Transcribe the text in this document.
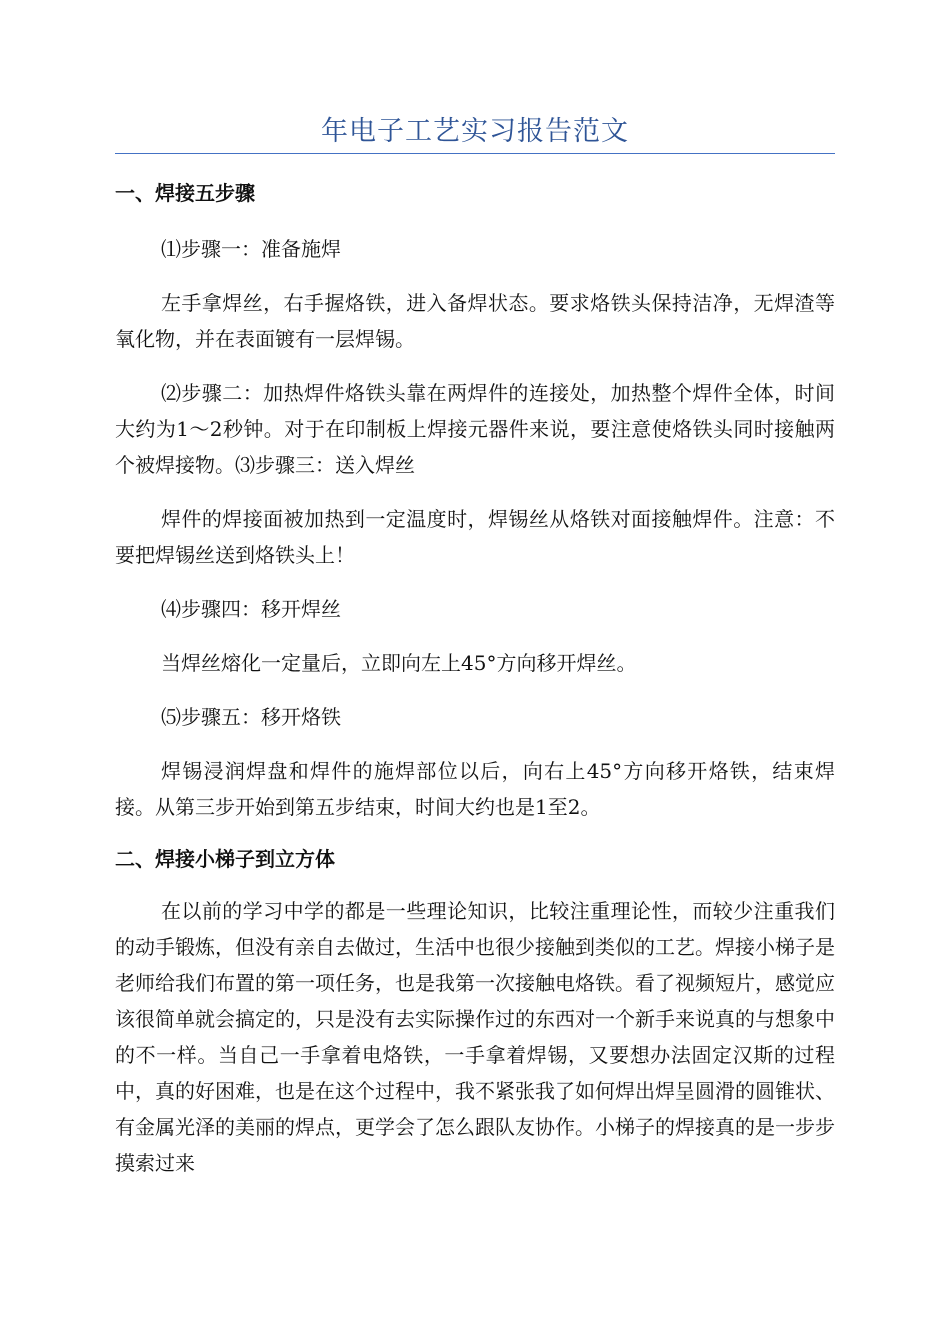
年电子工艺实习报告范文
一、焊接五步骤

⑴步骤一：准备施焊

左手拿焊丝，右手握烙铁，进入备焊状态。要求烙铁头保持洁净，无焊渣等氧化物，并在表面镀有一层焊锡。

⑵步骤二：加热焊件烙铁头靠在两焊件的连接处，加热整个焊件全体，时间大约为1～2秒钟。对于在印制板上焊接元器件来说，要注意使烙铁头同时接触两个被焊接物。⑶步骤三：送入焊丝

焊件的焊接面被加热到一定温度时，焊锡丝从烙铁对面接触焊件。注意：不要把焊锡丝送到烙铁头上！

⑷步骤四：移开焊丝

当焊丝熔化一定量后，立即向左上45°方向移开焊丝。

⑸步骤五：移开烙铁

焊锡浸润焊盘和焊件的施焊部位以后，向右上45°方向移开烙铁，结束焊接。从第三步开始到第五步结束，时间大约也是1至2。

二、焊接小梯子到立方体

在以前的学习中学的都是一些理论知识，比较注重理论性，而较少注重我们的动手锻炼，但没有亲自去做过，生活中也很少接触到类似的工艺。焊接小梯子是老师给我们布置的第一项任务，也是我第一次接触电烙铁。看了视频短片，感觉应该很简单就会搞定的，只是没有去实际操作过的东西对一个新手来说真的与想象中的不一样。当自己一手拿着电烙铁，一手拿着焊锡，又要想办法固定汉斯的过程中，真的好困难，也是在这个过程中，我不紧张我了如何焊出焊呈圆滑的圆锥状、有金属光泽的美丽的焊点，更学会了怎么跟队友协作。小梯子的焊接真的是一步步摸索过来
